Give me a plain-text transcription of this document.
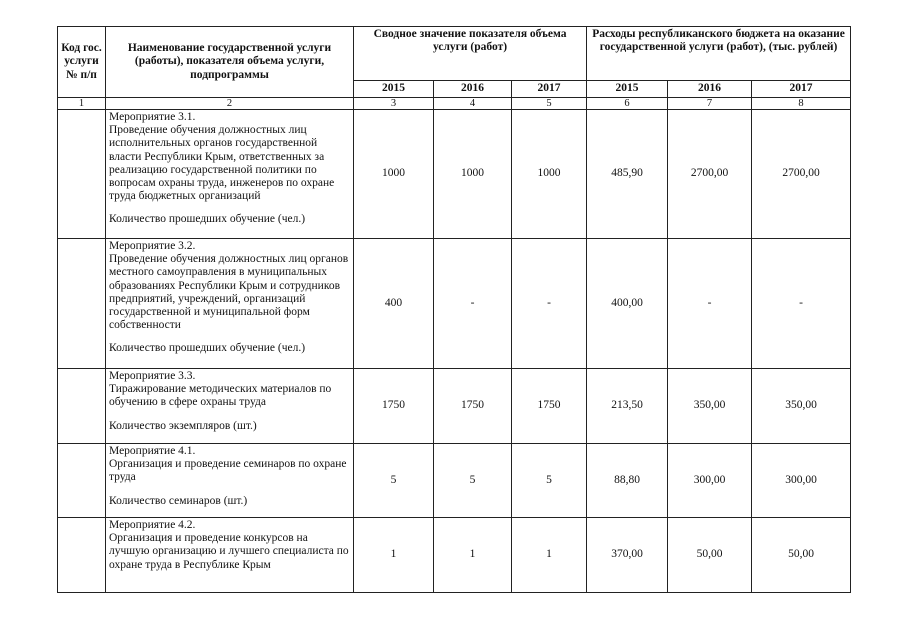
Код гос. услуги № п/п	Наименование государственной услуги (работы), показателя объема услуги, подпрограммы	Сводное значение показателя объема услуги (работ)			Расходы республиканского бюджета на оказание государственной услуги (работ), (тыс. рублей)		
		2015	2016	2017	2015	2016	2017
1	2	3	4	5	6	7	8

	Мероприятие 3.1.
Проведение обучения должностных лиц исполнительных органов государственной власти Республики Крым, ответственных за реализацию государственной политики по вопросам охраны труда, инженеров по охране труда бюджетных организаций
Количество прошедших обучение (чел.)	1000	1000	1000	485,90	2700,00	2700,00

	Мероприятие 3.2.
Проведение обучения должностных лиц органов местного самоуправления в муниципальных образованиях Республики Крым и сотрудников предприятий, учреждений, организаций государственной и муниципальной форм собственности
Количество прошедших обучение (чел.)	400	-	-	400,00	-	-

	Мероприятие 3.3.
Тиражирование методических материалов по обучению в сфере охраны труда
Количество экземпляров (шт.)	1750	1750	1750	213,50	350,00	350,00

	Мероприятие 4.1.
Организация и проведение семинаров по охране труда
Количество семинаров (шт.)	5	5	5	88,80	300,00	300,00

	Мероприятие 4.2.
Организация и проведение конкурсов на лучшую организацию и лучшего специалиста по охране труда в Республике Крым	1	1	1	370,00	50,00	50,00
